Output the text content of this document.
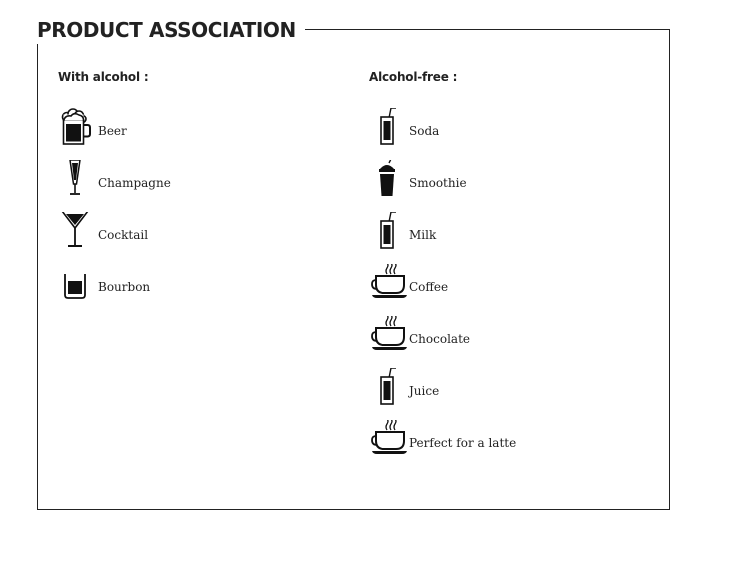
PRODUCT ASSOCIATION
With alcohol :	Alcohol-free :
Beer
Champagne
Cocktail
Bourbon
Soda
Smoothie
Milk
Coffee
Chocolate
Juice
Perfect for a latte
